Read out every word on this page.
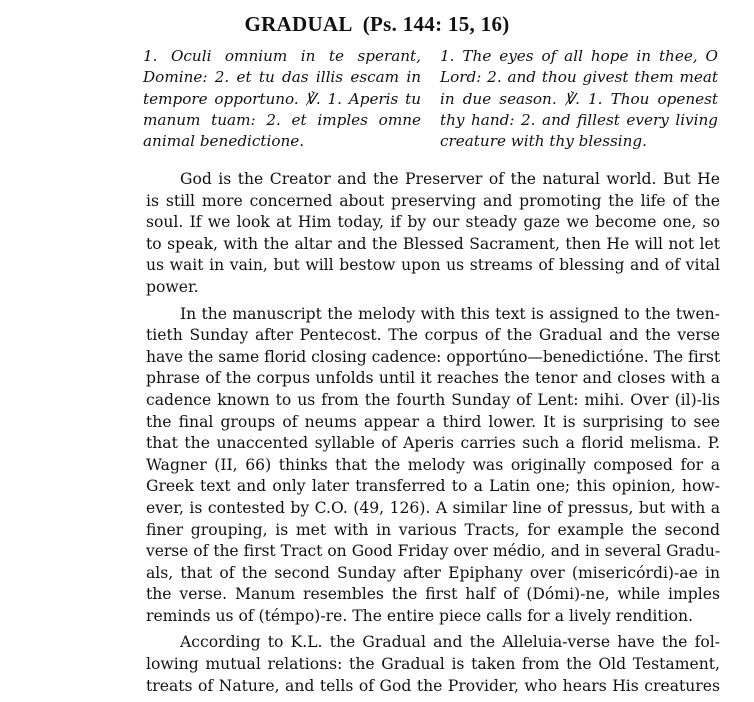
GRADUAL (Ps. 144: 15, 16)
1. Oculi omnium in te sperant,
Domine: 2. et tu das illis escam in
tempore opportuno. ℣. 1. Aperis tu
manum tuam: 2. et imples omne
animal benedictione.
1. The eyes of all hope in thee, O
Lord: 2. and thou givest them meat
in due season. ℣. 1. Thou openest
thy hand: 2. and fillest every living
creature with thy blessing.

God is the Creator and the Preserver of the natural world. But He
is still more concerned about preserving and promoting the life of the
soul. If we look at Him today, if by our steady gaze we become one, so
to speak, with the altar and the Blessed Sacrament, then He will not let
us wait in vain, but will bestow upon us streams of blessing and of vital
power.

In the manuscript the melody with this text is assigned to the twen-
tieth Sunday after Pentecost. The corpus of the Gradual and the verse
have the same florid closing cadence: opportúno—benedictióne. The first
phrase of the corpus unfolds until it reaches the tenor and closes with a
cadence known to us from the fourth Sunday of Lent: mihi. Over (il)-lis
the final groups of neums appear a third lower. It is surprising to see
that the unaccented syllable of Aperis carries such a florid melisma. P.
Wagner (II, 66) thinks that the melody was originally composed for a
Greek text and only later transferred to a Latin one; this opinion, how-
ever, is contested by C.O. (49, 126). A similar line of pressus, but with a
finer grouping, is met with in various Tracts, for example the second
verse of the first Tract on Good Friday over médio, and in several Gradu-
als, that of the second Sunday after Epiphany over (misericórdi)-ae in
the verse. Manum resembles the first half of (Dómi)-ne, while imples
reminds us of (témpo)-re. The entire piece calls for a lively rendition.

According to K.L. the Gradual and the Alleluia-verse have the fol-
lowing mutual relations: the Gradual is taken from the Old Testament,
treats of Nature, and tells of God the Provider, who hears His creatures
